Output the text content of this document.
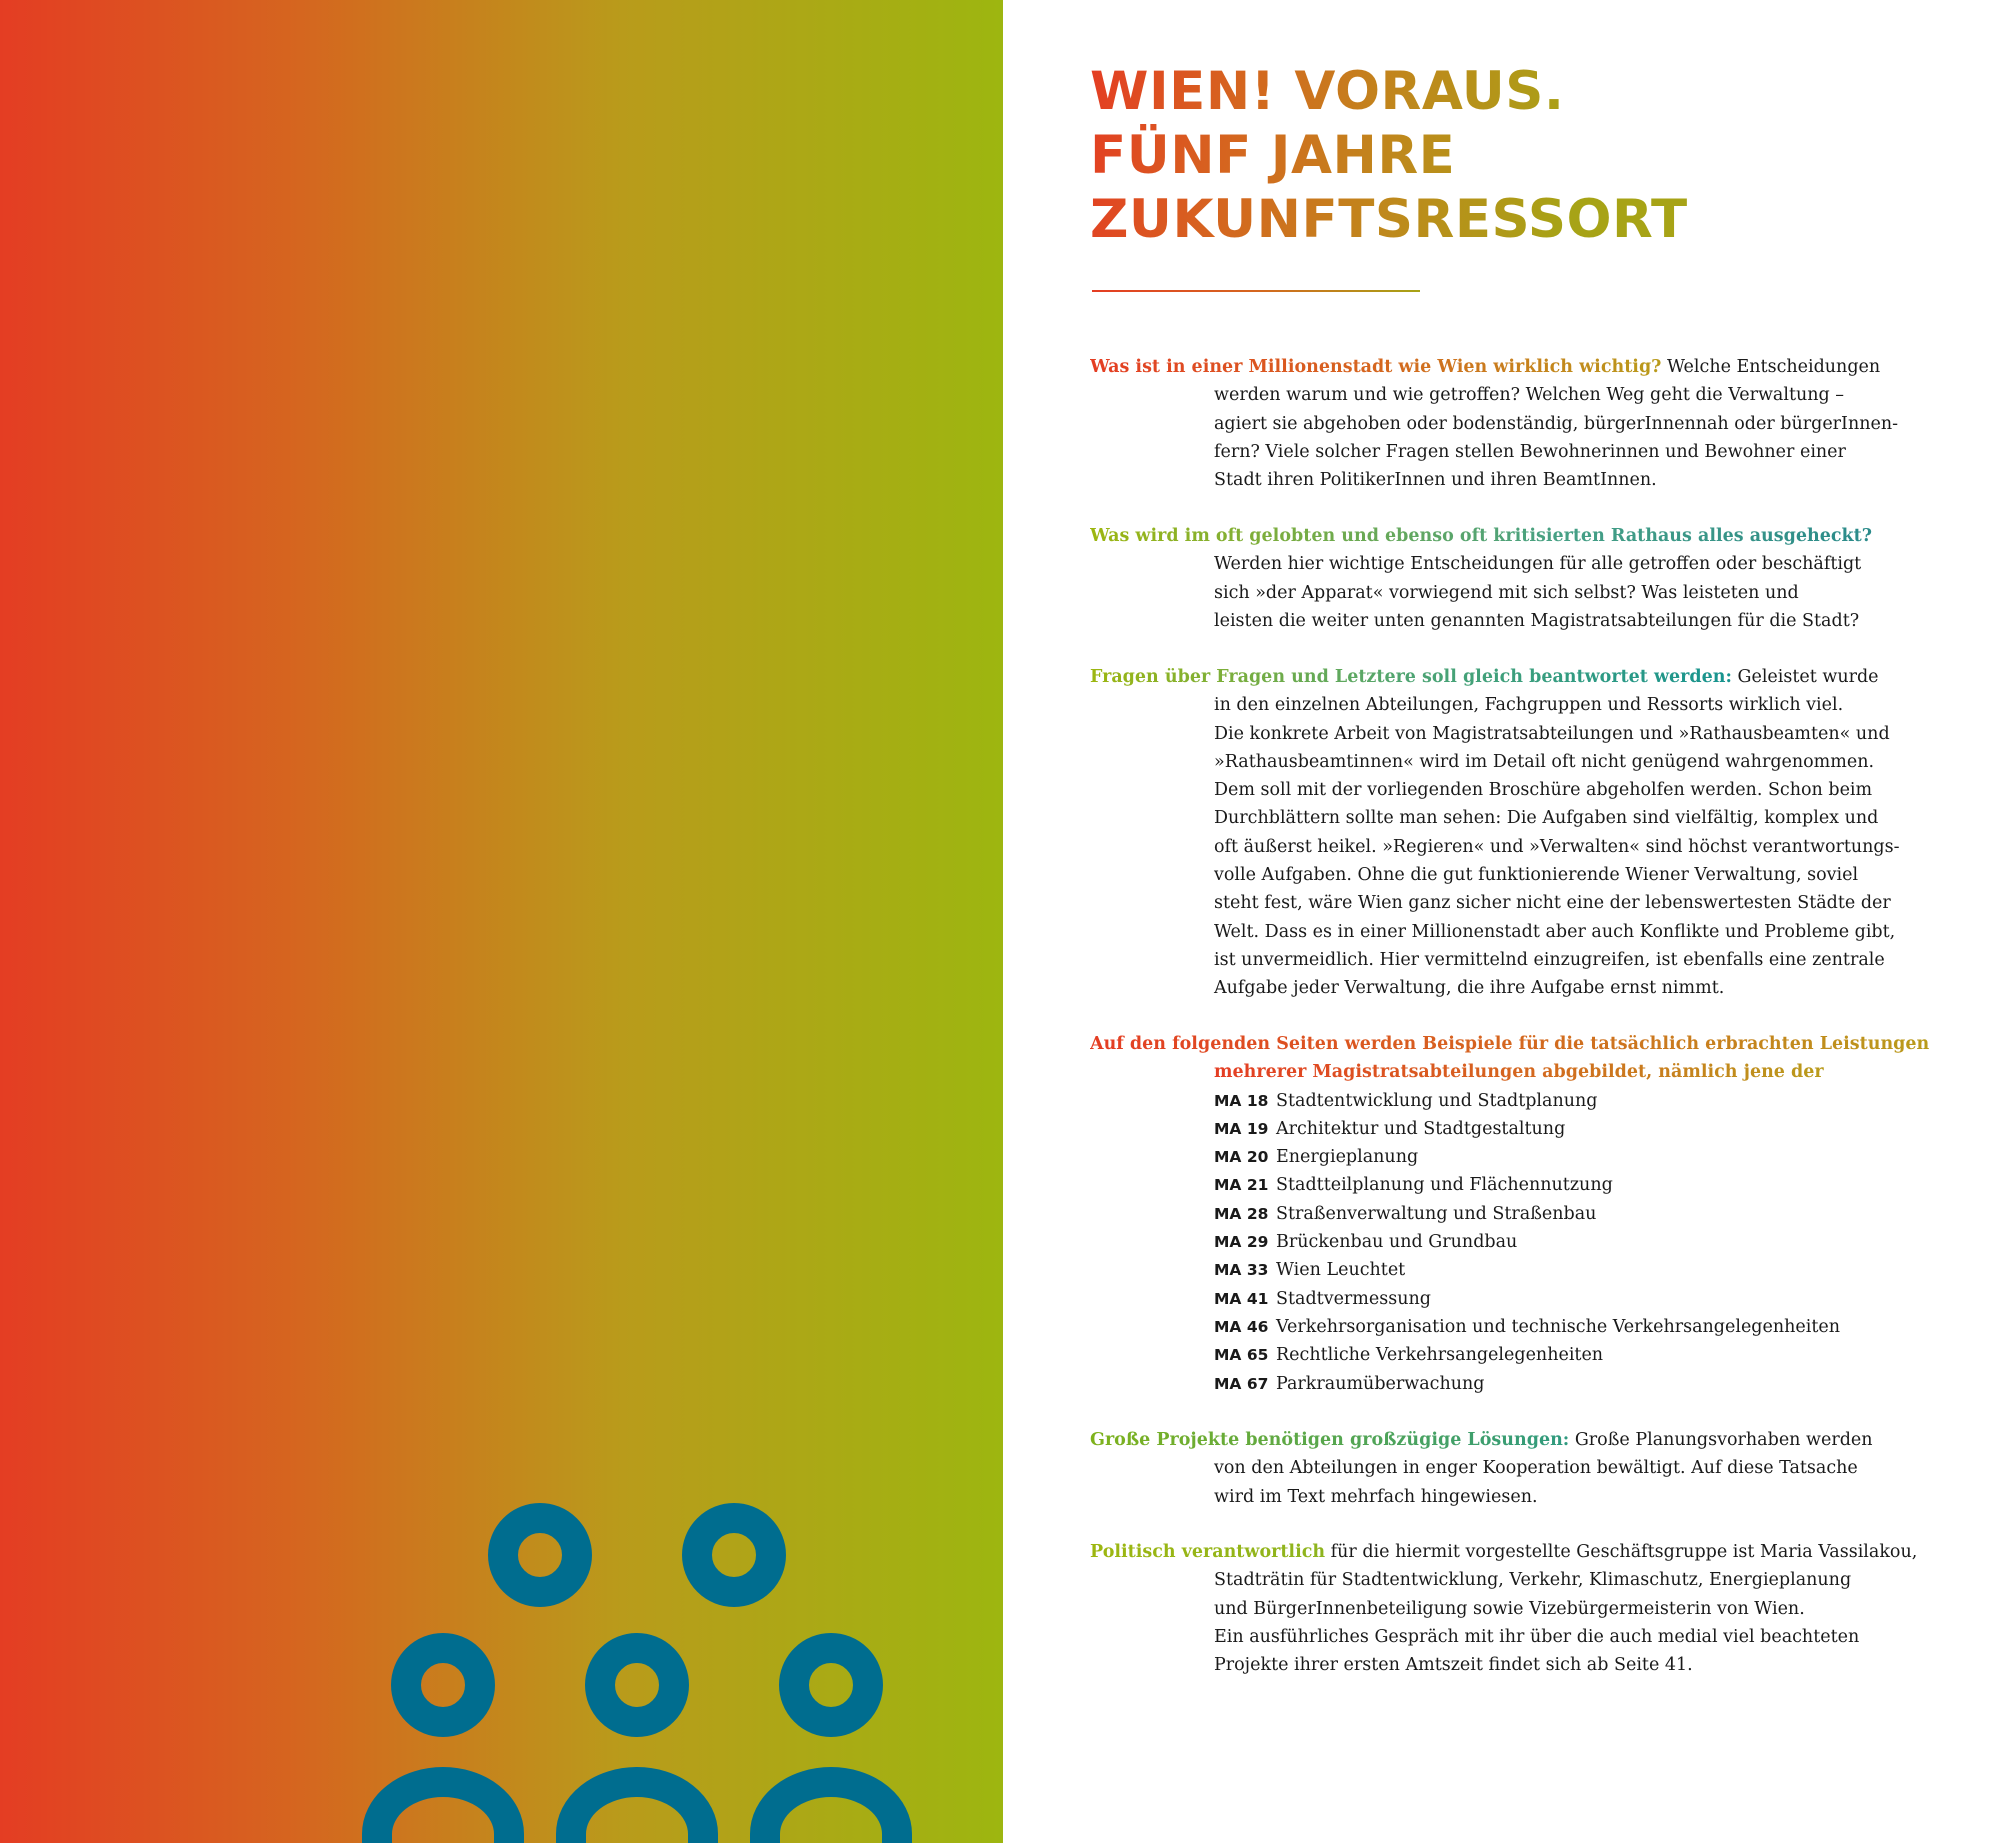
WIEN! VORAUS.
FÜNF JAHRE
ZUKUNFTSRESSORT
Was ist in einer Millionenstadt wie Wien wirklich wichtig? Welche Entscheidungen
werden warum und wie getroffen? Welchen Weg geht die Verwaltung –
agiert sie abgehoben oder bodenständig, bürgerInnennah oder bürgerInnen-
fern? Viele solcher Fragen stellen Bewohnerinnen und Bewohner einer
Stadt ihren PolitikerInnen und ihren BeamtInnen.
Was wird im oft gelobten und ebenso oft kritisierten Rathaus alles ausgeheckt?
Werden hier wichtige Entscheidungen für alle getroffen oder beschäftigt
sich »der Apparat« vorwiegend mit sich selbst? Was leisteten und
leisten die weiter unten genannten Magistratsabteilungen für die Stadt?
Fragen über Fragen und Letztere soll gleich beantwortet werden: Geleistet wurde
in den einzelnen Abteilungen, Fachgruppen und Ressorts wirklich viel.
Die konkrete Arbeit von Magistratsabteilungen und »Rathausbeamten« und
»Rathausbeamtinnen« wird im Detail oft nicht genügend wahrgenommen.
Dem soll mit der vorliegenden Broschüre abgeholfen werden. Schon beim
Durchblättern sollte man sehen: Die Aufgaben sind vielfältig, komplex und
oft äußerst heikel. »Regieren« und »Verwalten« sind höchst verantwortungs-
volle Aufgaben. Ohne die gut funktionierende Wiener Verwaltung, soviel
steht fest, wäre Wien ganz sicher nicht eine der lebenswertesten Städte der
Welt. Dass es in einer Millionenstadt aber auch Konflikte und Probleme gibt,
ist unvermeidlich. Hier vermittelnd einzugreifen, ist ebenfalls eine zentrale
Aufgabe jeder Verwaltung, die ihre Aufgabe ernst nimmt.
Auf den folgenden Seiten werden Beispiele für die tatsächlich erbrachten Leistungen
mehrerer Magistratsabteilungen abgebildet, nämlich jene der
MA 18 Stadtentwicklung und Stadtplanung
MA 19 Architektur und Stadtgestaltung
MA 20 Energieplanung
MA 21 Stadtteilplanung und Flächennutzung
MA 28 Straßenverwaltung und Straßenbau
MA 29 Brückenbau und Grundbau
MA 33 Wien Leuchtet
MA 41 Stadtvermessung
MA 46 Verkehrsorganisation und technische Verkehrsangelegenheiten
MA 65 Rechtliche Verkehrsangelegenheiten
MA 67 Parkraumüberwachung
Große Projekte benötigen großzügige Lösungen: Große Planungsvorhaben werden
von den Abteilungen in enger Kooperation bewältigt. Auf diese Tatsache
wird im Text mehrfach hingewiesen.
Politisch verantwortlich für die hiermit vorgestellte Geschäftsgruppe ist Maria Vassilakou,
Stadträtin für Stadtentwicklung, Verkehr, Klimaschutz, Energieplanung
und BürgerInnenbeteiligung sowie Vizebürgermeisterin von Wien.
Ein ausführliches Gespräch mit ihr über die auch medial viel beachteten
Projekte ihrer ersten Amtszeit findet sich ab Seite 41.
